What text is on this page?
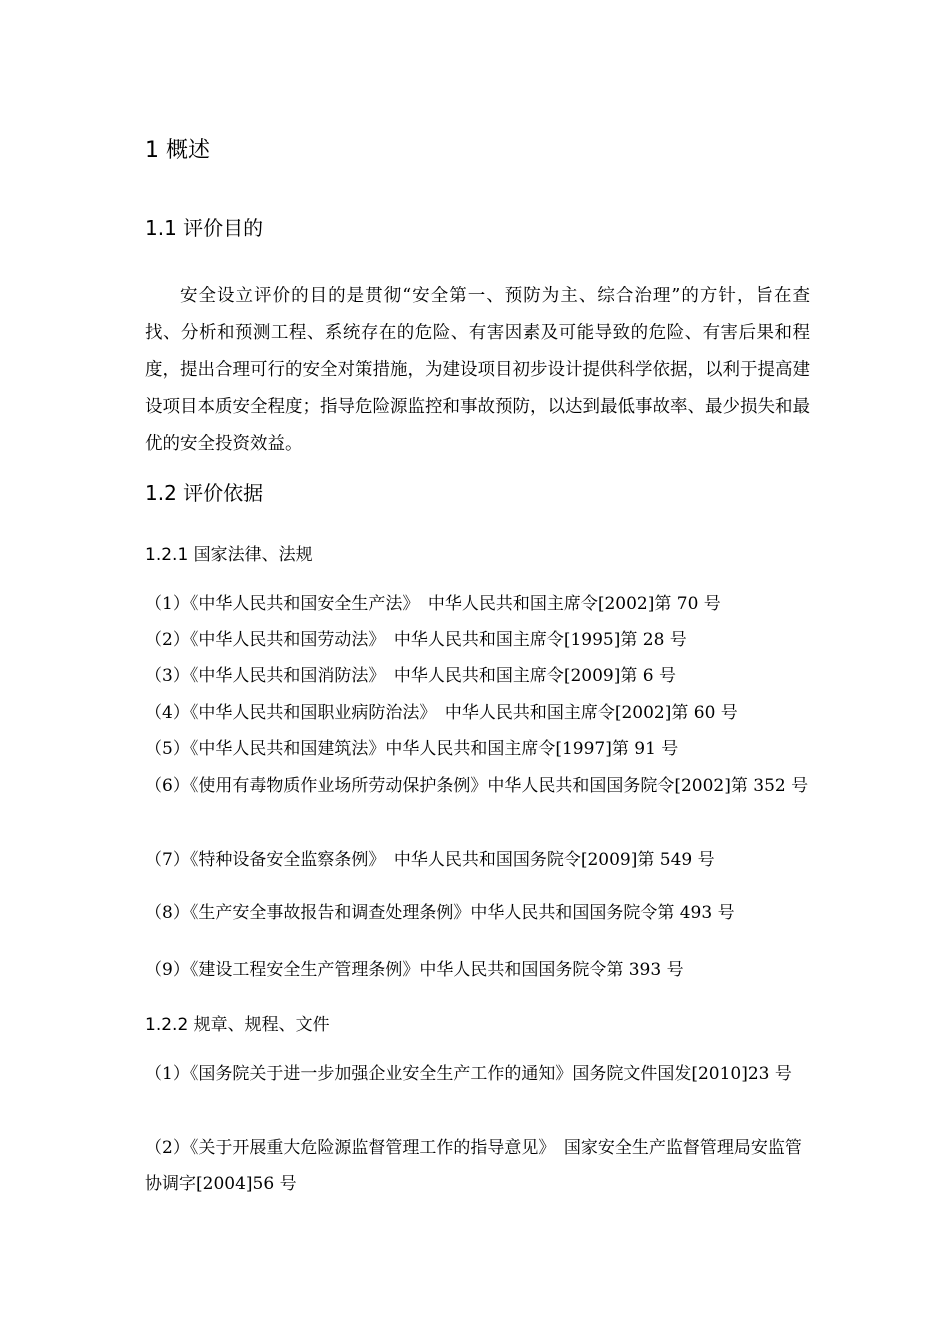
1 概述
1.1 评价目的

安全设立评价的目的是贯彻“安全第一、预防为主、综合治理”的方针，旨在查找、分析和预测工程、系统存在的危险、有害因素及可能导致的危险、有害后果和程度，提出合理可行的安全对策措施，为建设项目初步设计提供科学依据，以利于提高建设项目本质安全程度；指导危险源监控和事故预防，以达到最低事故率、最少损失和最优的安全投资效益。

1.2 评价依据
1.2.1 国家法律、法规

（1）《中华人民共和国安全生产法》　中华人民共和国主席令[2002]第 70 号

（2）《中华人民共和国劳动法》　中华人民共和国主席令[1995]第 28 号

（3）《中华人民共和国消防法》　中华人民共和国主席令[2009]第 6 号

（4）《中华人民共和国职业病防治法》　中华人民共和国主席令[2002]第 60 号

（5）《中华人民共和国建筑法》中华人民共和国主席令[1997]第 91 号

（6）《使用有毒物质作业场所劳动保护条例》中华人民共和国国务院令[2002]第 352 号

（7）《特种设备安全监察条例》　中华人民共和国国务院令[2009]第 549 号

（8）《生产安全事故报告和调查处理条例》中华人民共和国国务院令第 493 号

（9）《建设工程安全生产管理条例》中华人民共和国国务院令第 393 号

1.2.2 规章、规程、文件

（1）《国务院关于进一步加强企业安全生产工作的通知》国务院文件国发[2010]23 号

（2）《关于开展重大危险源监督管理工作的指导意见》　国家安全生产监督管理局安监管协调字[2004]56 号
